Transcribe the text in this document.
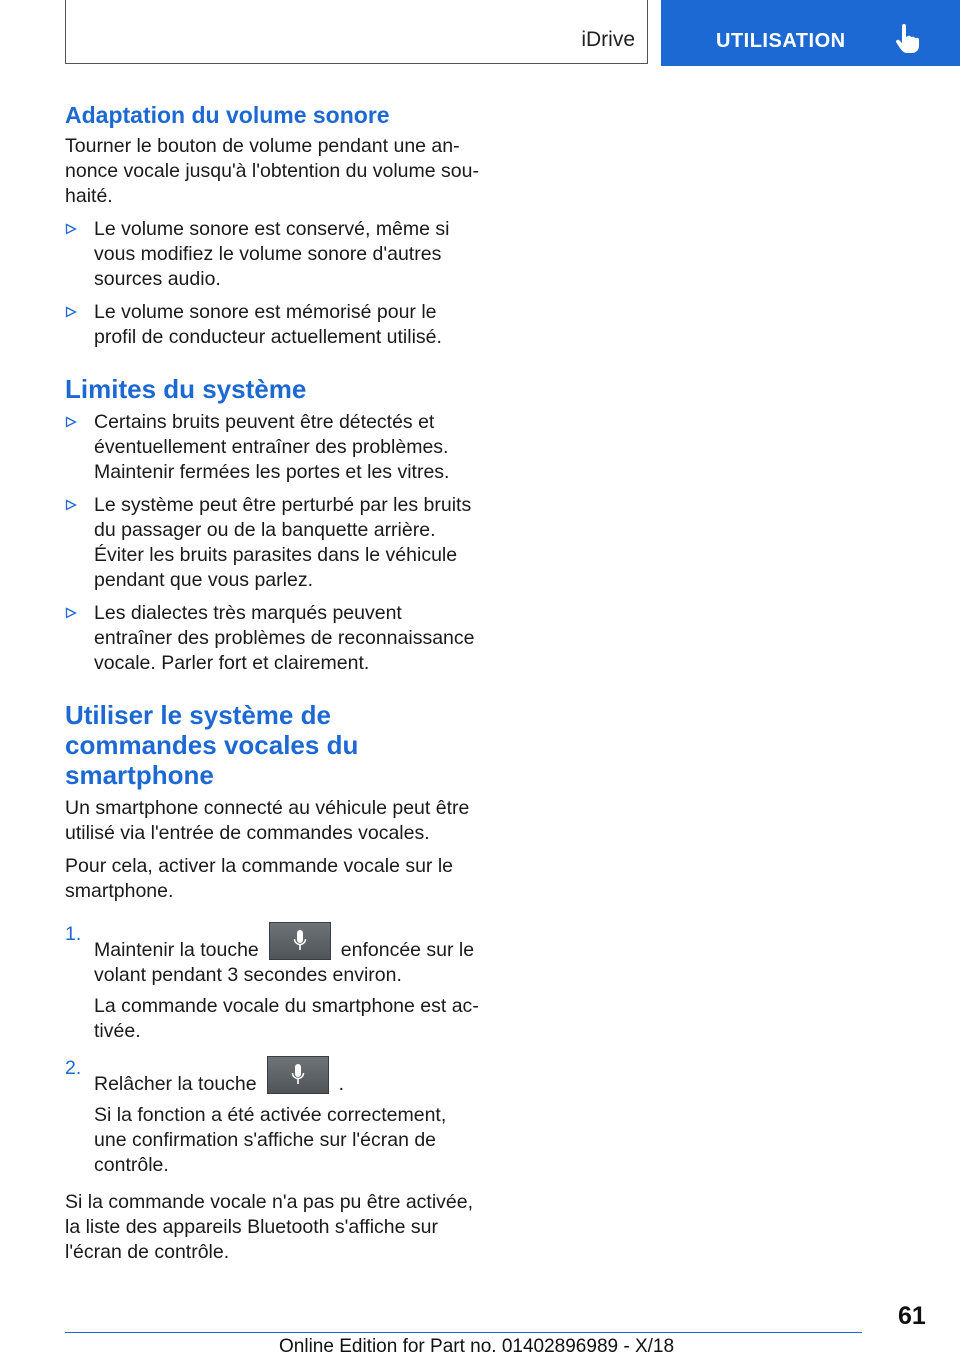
iDrive	UTILISATION
Adaptation du volume sonore

Tourner le bouton de volume pendant une annonce vocale jusqu'à l'obtention du volume souhaité.

Le volume sonore est conservé, même si vous modifiez le volume sonore d'autres sources audio.
Le volume sonore est mémorisé pour le profil de conducteur actuellement utilisé.
Limites du système
Certains bruits peuvent être détectés et éventuellement entraîner des problèmes. Maintenir fermées les portes et les vitres.
Le système peut être perturbé par les bruits du passager ou de la banquette arrière. Éviter les bruits parasites dans le véhicule pendant que vous parlez.
Les dialectes très marqués peuvent entraîner des problèmes de reconnaissance vocale. Parler fort et clairement.
Utiliser le système de commandes vocales du smartphone

Un smartphone connecté au véhicule peut être utilisé via l'entrée de commandes vocales.

Pour cela, activer la commande vocale sur le smartphone.

1.
Maintenir la touche	enfoncée sur le volant pendant 3 secondes environ.

La commande vocale du smartphone est activée.

2.
Relâcher la touche	.

Si la fonction a été activée correctement, une confirmation s'affiche sur l'écran de contrôle.

Si la commande vocale n'a pas pu être activée, la liste des appareils Bluetooth s'affiche sur l'écran de contrôle.

61
Online Edition for Part no. 01402896989 - X/18
